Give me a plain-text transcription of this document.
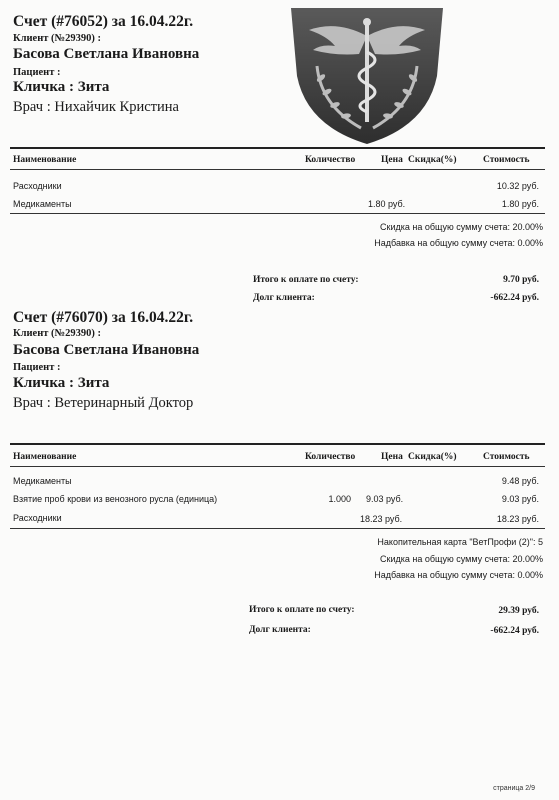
Счет (#76052) за 16.04.22г.
Клиент (№29390) :
Басова Светлана Ивановна
Пациент :
Кличка : Зита
Врач : Нихайчик Кристина
Наименование	Количество	Цена Скидка(%)	Стоимость
Расходники	10.32 руб.
Медикаменты	1.80 руб.	1.80 руб.
Скидка на общую сумму счета: 20.00%
Надбавка на общую сумму счета: 0.00%
Итого к оплате по счету:	9.70 руб.
Долг клиента:	-662.24 руб.
Счет (#76070) за 16.04.22г.
Клиент (№29390) :
Басова Светлана Ивановна
Пациент :
Кличка : Зита
Врач : Ветеринарный Доктор
Наименование	Количество	Цена Скидка(%)	Стоимость
Медикаменты	9.48 руб.
Взятие проб крови из венозного русла (единица)	1.000 9.03 руб.	9.03 руб.
Расходники	18.23 руб.	18.23 руб.
Накопительная карта "ВетПрофи (2)": 5
Скидка на общую сумму счета: 20.00%
Надбавка на общую сумму счета: 0.00%
Итого к оплате по счету:	29.39 руб.
Долг клиента:	-662.24 руб.
страница 2/9
